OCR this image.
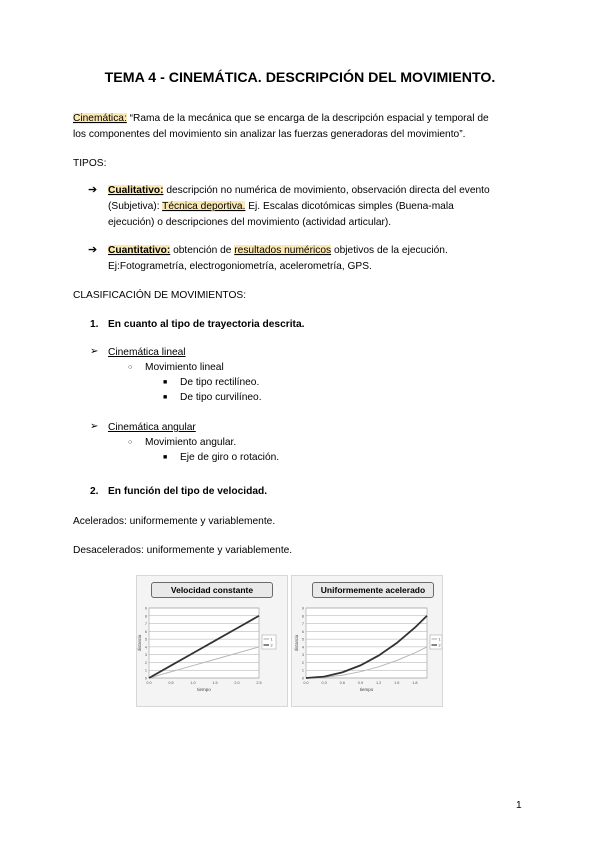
TEMA 4 - CINEMÁTICA. DESCRIPCIÓN DEL MOVIMIENTO.
Cinemática: “Rama de la mecánica que se encarga de la descripción espacial y temporal de
los componentes del movimiento sin analizar las fuerzas generadoras del movimiento”.
TIPOS:
➔ Cualitativo: descripción no numérica de movimiento, observación directa del evento
(Subjetiva): Técnica deportiva. Ej. Escalas dicotómicas simples (Buena-mala
ejecución) o descripciones del movimiento (actividad articular).
➔ Cuantitativo: obtención de resultados numéricos objetivos de la ejecución.
Ej:Fotogrametría, electrogoniometría, acelerometría, GPS.
CLASIFICACIÓN DE MOVIMIENTOS:
1. En cuanto al tipo de trayectoria descrita.
➢ Cinemática lineal
○ Movimiento lineal
■ De tipo rectilíneo.
■ De tipo curvilíneo.
➢ Cinemática angular
○ Movimiento angular.
■ Eje de giro o rotación.
2. En función del tipo de velocidad.
Acelerados: uniformemente y variablemente.
Desacelerados: uniformemente y variablemente.
Velocidad constante
0
1
2
3
4
5
6
7
8
9
0.0	0.5	1.0	1.5	2.0	2.5
tiempo
distancia	1
2
Uniformemente acelerado
0
1
2
3
4
5
6
7
8
9
0.0	0.3	0.6	0.9	1.2	1.5	1.8
tiempo
distancia	1
2
1
